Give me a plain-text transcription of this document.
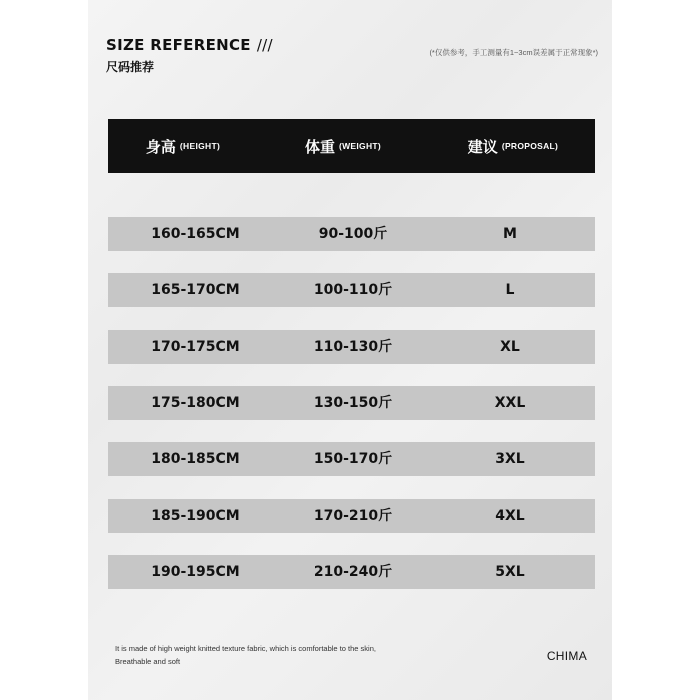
SIZE REFERENCE ///
尺码推荐
(*仅供参考，手工测量有1~3cm误差属于正常现象*)
身高 (HEIGHT)	体重 (WEIGHT)	建议 (PROPOSAL)
160-165CM	90-100斤	M
165-170CM	100-110斤	L
170-175CM	110-130斤	XL
175-180CM	130-150斤	XXL
180-185CM	150-170斤	3XL
185-190CM	170-210斤	4XL
190-195CM	210-240斤	5XL
It is made of high weight knitted texture fabric, which is comfortable to the skin,
Breathable and soft	CHIMA
